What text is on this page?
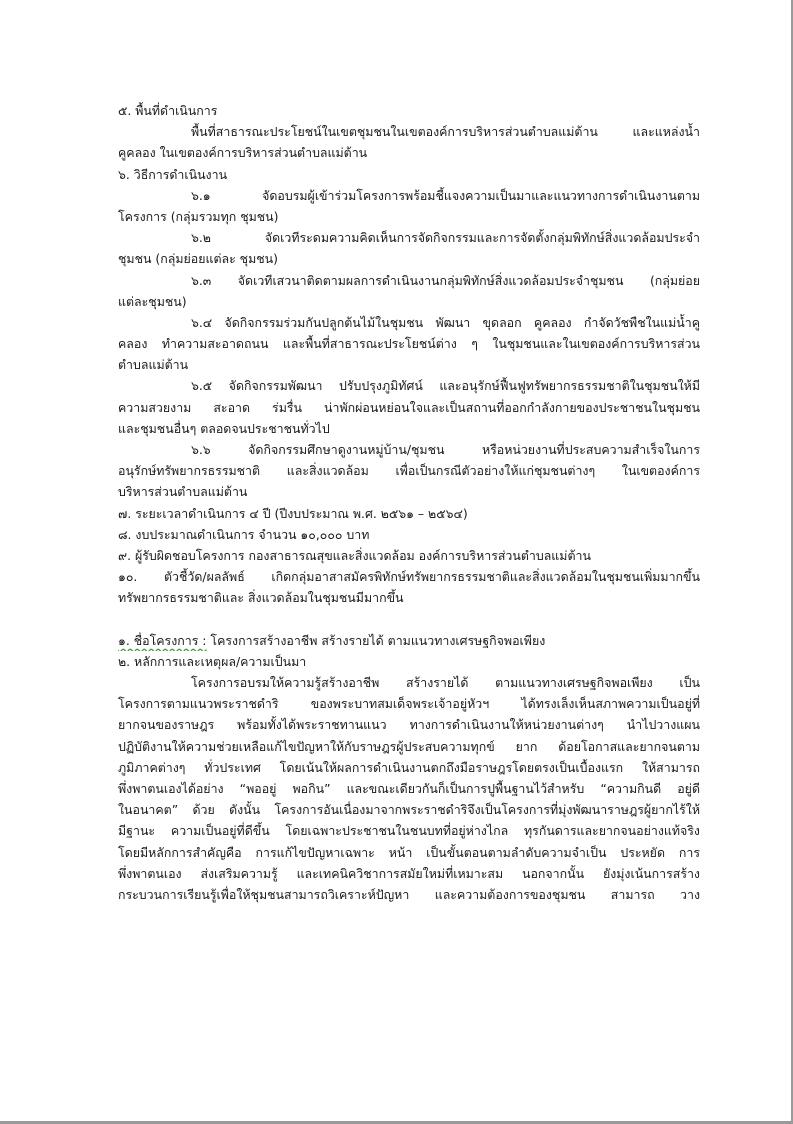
๕. พื้นที่ดำเนินการ
พื้นที่สาธารณะประโยชน์ในเขตชุมชนในเขตองค์การบริหารส่วนตำบลแม่ต้าน และแหล่งน้ำ
คูคลอง ในเขตองค์การบริหารส่วนตำบลแม่ต้าน
๖. วิธีการดำเนินงาน
๖.๑ จัดอบรมผู้เข้าร่วมโครงการพร้อมชี้แจงความเป็นมาและแนวทางการดำเนินงานตาม
โครงการ (กลุ่มรวมทุก ชุมชน)
๖.๒ จัดเวทีระดมความคิดเห็นการจัดกิจกรรมและการจัดตั้งกลุ่มพิทักษ์สิ่งแวดล้อมประจำ
ชุมชน (กลุ่มย่อยแต่ละ ชุมชน)
๖.๓ จัดเวทีเสวนาติดตามผลการดำเนินงานกลุ่มพิทักษ์สิ่งแวดล้อมประจำชุมชน (กลุ่มย่อย
แต่ละชุมชน)
๖.๔ จัดกิจกรรมร่วมกันปลูกต้นไม้ในชุมชน พัฒนา ขุดลอก คูคลอง กำจัดวัชพืชในแม่น้ำคู
คลอง ทำความสะอาดถนน และพื้นที่สาธารณะประโยชน์ต่าง ๆ ในชุมชนและในเขตองค์การบริหารส่วน
ตำบลแม่ต้าน
๖.๕ จัดกิจกรรมพัฒนา ปรับปรุงภูมิทัศน์ และอนุรักษ์ฟื้นฟูทรัพยากรธรรมชาติในชุมชนให้มี
ความสวยงาม สะอาด ร่มรื่น น่าพักผ่อนหย่อนใจและเป็นสถานที่ออกกำลังกายของประชาชนในชุมชน
และชุมชนอื่นๆ ตลอดจนประชาชนทั่วไป
๖.๖ จัดกิจกรรมศึกษาดูงานหมู่บ้าน/ชุมชน หรือหน่วยงานที่ประสบความสำเร็จในการ
อนุรักษ์ทรัพยากรธรรมชาติ และสิ่งแวดล้อม เพื่อเป็นกรณีตัวอย่างให้แก่ชุมชนต่างๆ ในเขตองค์การ
บริหารส่วนตำบลแม่ต้าน
๗. ระยะเวลาดำเนินการ ๔ ปี (ปีงบประมาณ พ.ศ. ๒๕๖๑ – ๒๕๖๔)
๘. งบประมาณดำเนินการ จำนวน ๑๐,๐๐๐ บาท
๙. ผู้รับผิดชอบโครงการ กองสาธารณสุขและสิ่งแวดล้อม องค์การบริหารส่วนตำบลแม่ต้าน
๑๐. ตัวชี้วัด/ผลลัพธ์ เกิดกลุ่มอาสาสมัครพิทักษ์ทรัพยากรธรรมชาติและสิ่งแวดล้อมในชุมชนเพิ่มมากขึ้น
ทรัพยากรธรรมชาติและ สิ่งแวดล้อมในชุมชนมีมากขึ้น
๑. ชื่อโครงการ : โครงการสร้างอาชีพ สร้างรายได้ ตามแนวทางเศรษฐกิจพอเพียง
๒. หลักการและเหตุผล/ความเป็นมา
โครงการอบรมให้ความรู้สร้างอาชีพ สร้างรายได้ ตามแนวทางเศรษฐกิจพอเพียง เป็น
โครงการตามแนวพระราชดำริ ของพระบาทสมเด็จพระเจ้าอยู่หัวฯ ได้ทรงเล็งเห็นสภาพความเป็นอยู่ที่
ยากจนของราษฎร พร้อมทั้งได้พระราชทานแนว ทางการดำเนินงานให้หน่วยงานต่างๆ นำไปวางแผน
ปฏิบัติงานให้ความช่วยเหลือแก้ไขปัญหาให้กับราษฎรผู้ประสบความทุกข์ ยาก ด้อยโอกาสและยากจนตาม
ภูมิภาคต่างๆ ทั่วประเทศ โดยเน้นให้ผลการดำเนินงานตกถึงมือราษฎรโดยตรงเป็นเบื้องแรก ให้สามารถ
พึ่งพาตนเองได้อย่าง “พออยู่ พอกิน” และขณะเดียวกันก็เป็นการปูพื้นฐานไว้สำหรับ “ความกินดี อยู่ดี
ในอนาคต” ด้วย ดังนั้น โครงการอันเนื่องมาจากพระราชดำริจึงเป็นโครงการที่มุ่งพัฒนาราษฎรผู้ยากไร้ให้
มีฐานะ ความเป็นอยู่ที่ดีขึ้น โดยเฉพาะประชาชนในชนบทที่อยู่ห่างไกล ทุรกันดารและยากจนอย่างแท้จริง
โดยมีหลักการสำคัญคือ การแก้ไขปัญหาเฉพาะ หน้า เป็นขั้นตอนตามลำดับความจำเป็น ประหยัด การ
พึ่งพาตนเอง ส่งเสริมความรู้ และเทคนิควิชาการสมัยใหม่ที่เหมาะสม นอกจากนั้น ยังมุ่งเน้นการสร้าง
กระบวนการเรียนรู้เพื่อให้ชุมชนสามารถวิเคราะห์ปัญหา และความต้องการของชุมชน สามารถ วาง
